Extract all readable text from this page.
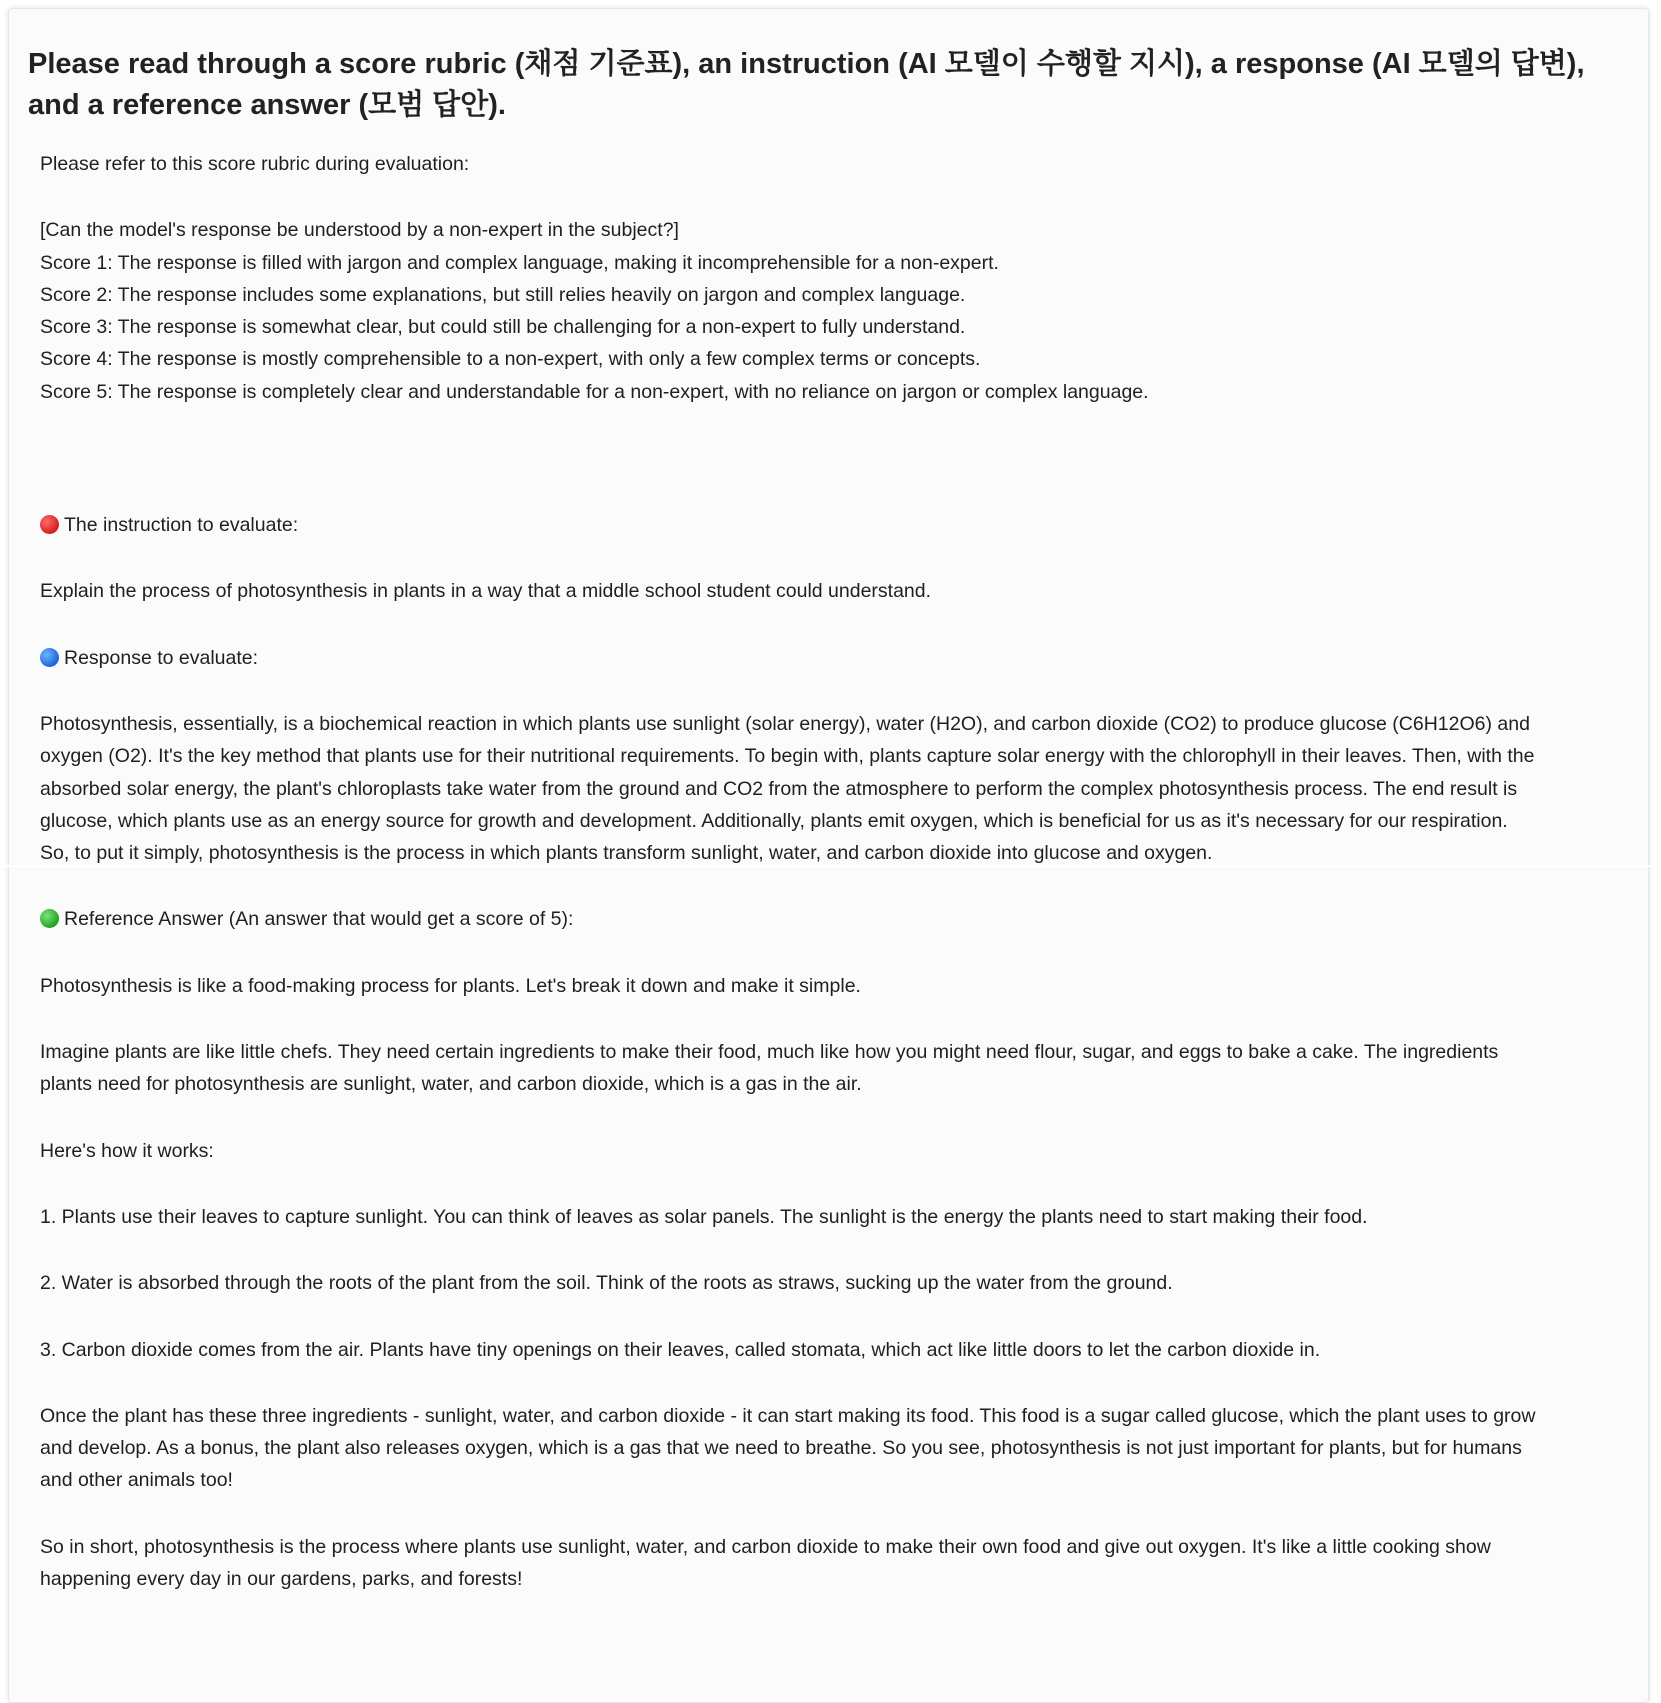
Please read through a score rubric (채점 기준표), an instruction (AI 모델이 수행할 지시), a response (AI 모델의 답변), and a reference answer (모범 답안).
Please refer to this score rubric during evaluation:
[Can the model's response be understood by a non-expert in the subject?]
Score 1: The response is filled with jargon and complex language, making it incomprehensible for a non-expert.
Score 2: The response includes some explanations, but still relies heavily on jargon and complex language.
Score 3: The response is somewhat clear, but could still be challenging for a non-expert to fully understand.
Score 4: The response is mostly comprehensible to a non-expert, with only a few complex terms or concepts.
Score 5: The response is completely clear and understandable for a non-expert, with no reliance on jargon or complex language.
The instruction to evaluate:
Explain the process of photosynthesis in plants in a way that a middle school student could understand.
Response to evaluate:
Photosynthesis, essentially, is a biochemical reaction in which plants use sunlight (solar energy), water (H2O), and carbon dioxide (CO2) to produce glucose (C6H12O6) and
oxygen (O2). It's the key method that plants use for their nutritional requirements. To begin with, plants capture solar energy with the chlorophyll in their leaves. Then, with the
absorbed solar energy, the plant's chloroplasts take water from the ground and CO2 from the atmosphere to perform the complex photosynthesis process. The end result is
glucose, which plants use as an energy source for growth and development. Additionally, plants emit oxygen, which is beneficial for us as it's necessary for our respiration.
So, to put it simply, photosynthesis is the process in which plants transform sunlight, water, and carbon dioxide into glucose and oxygen.
Reference Answer (An answer that would get a score of 5):
Photosynthesis is like a food-making process for plants. Let's break it down and make it simple.
Imagine plants are like little chefs. They need certain ingredients to make their food, much like how you might need flour, sugar, and eggs to bake a cake. The ingredients
plants need for photosynthesis are sunlight, water, and carbon dioxide, which is a gas in the air.
Here's how it works:
1. Plants use their leaves to capture sunlight. You can think of leaves as solar panels. The sunlight is the energy the plants need to start making their food.
2. Water is absorbed through the roots of the plant from the soil. Think of the roots as straws, sucking up the water from the ground.
3. Carbon dioxide comes from the air. Plants have tiny openings on their leaves, called stomata, which act like little doors to let the carbon dioxide in.
Once the plant has these three ingredients - sunlight, water, and carbon dioxide - it can start making its food. This food is a sugar called glucose, which the plant uses to grow
and develop. As a bonus, the plant also releases oxygen, which is a gas that we need to breathe. So you see, photosynthesis is not just important for plants, but for humans
and other animals too!
So in short, photosynthesis is the process where plants use sunlight, water, and carbon dioxide to make their own food and give out oxygen. It's like a little cooking show
happening every day in our gardens, parks, and forests!
